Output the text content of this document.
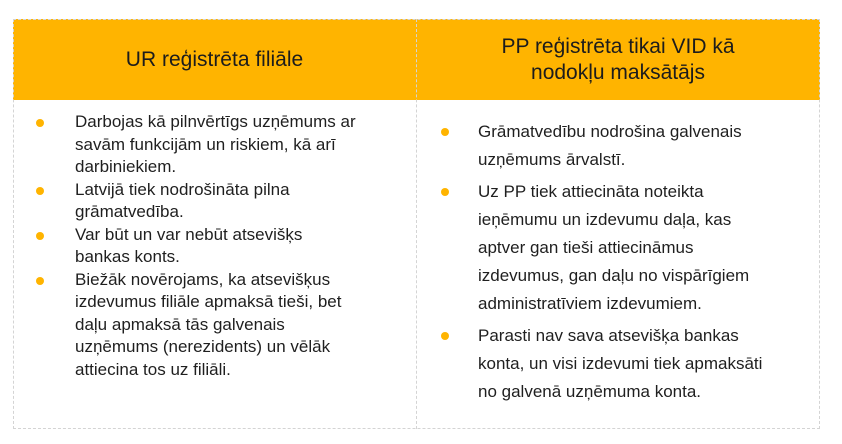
UR reģistrēta filiāle
PP reģistrēta tikai VID kā
nodokļu maksātājs
Darbojas kā pilnvērtīgs uzņēmums ar
savām funkcijām un riskiem, kā arī
darbiniekiem.
Latvijā tiek nodrošināta pilna
grāmatvedība.
Var būt un var nebūt atsevišķs
bankas konts.
Biežāk novērojams, ka atsevišķus
izdevumus filiāle apmaksā tieši, bet
daļu apmaksā tās galvenais
uzņēmums (nerezidents) un vēlāk
attiecina tos uz filiāli.
Grāmatvedību nodrošina galvenais
uzņēmums ārvalstī.
Uz PP tiek attiecināta noteikta
ieņēmumu un izdevumu daļa, kas
aptver gan tieši attiecināmus
izdevumus, gan daļu no vispārīgiem
administratīviem izdevumiem.
Parasti nav sava atsevišķa bankas
konta, un visi izdevumi tiek apmaksāti
no galvenā uzņēmuma konta.
